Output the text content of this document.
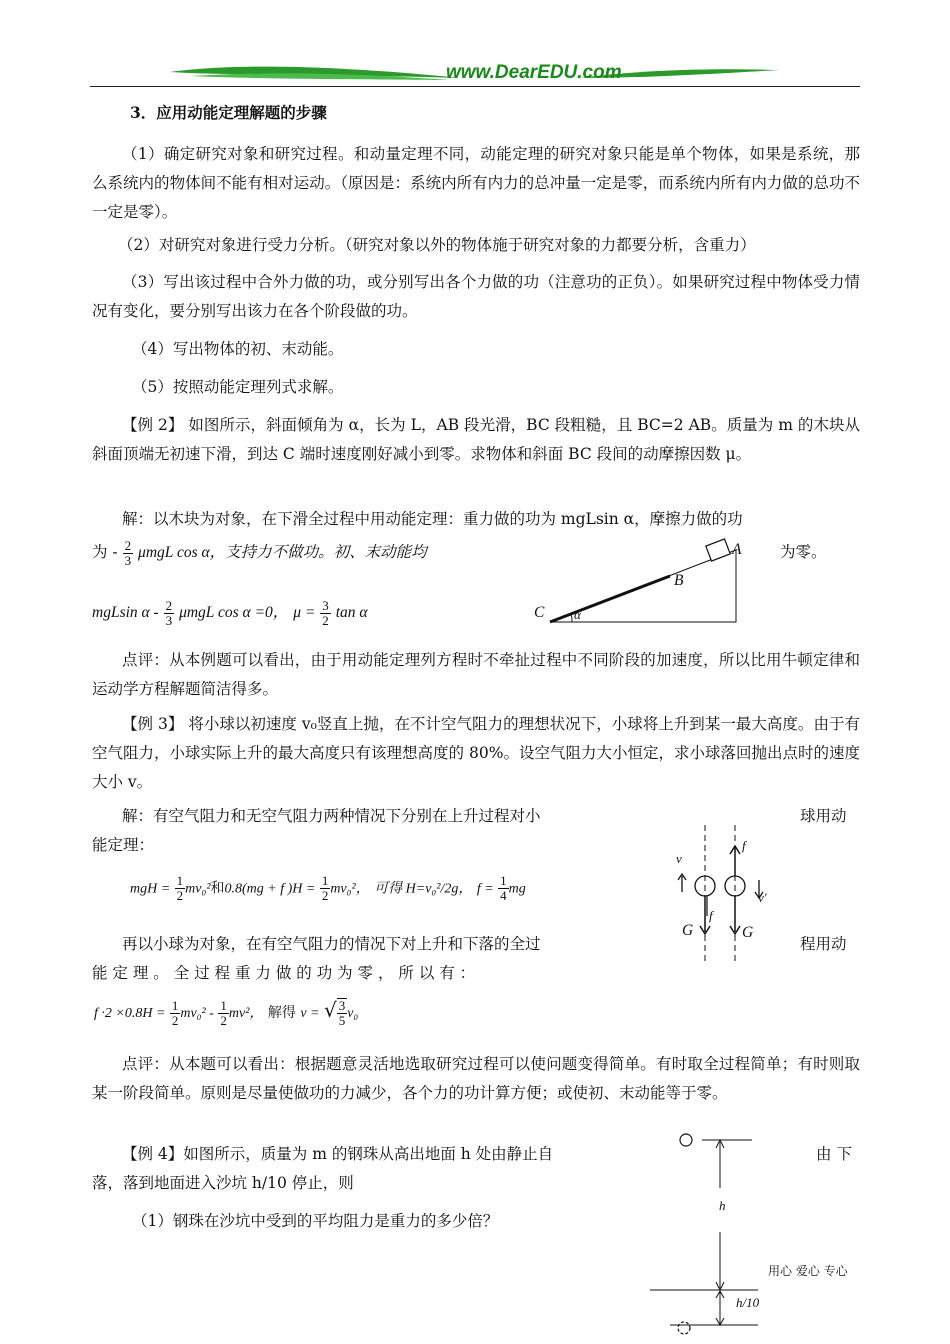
www.DearEDU.com
3．应用动能定理解题的步骤
（1）确定研究对象和研究过程。和动量定理不同，动能定理的研究对象只能是单个物体，如果是系统，那么系统内的物体间不能有相对运动。（原因是：系统内所有内力的总冲量一定是零，而系统内所有内力做的总功不一定是零）。
（2）对研究对象进行受力分析。（研究对象以外的物体施于研究对象的力都要分析，含重力）
（3）写出该过程中合外力做的功，或分别写出各个力做的功（注意功的正负）。如果研究过程中物体受力情况有变化，要分别写出该力在各个阶段做的功。
（4）写出物体的初、末动能。
（5）按照动能定理列式求解。
【例 2】 如图所示，斜面倾角为 α，长为 L，AB 段光滑，BC 段粗糙，且 BC=2 AB。质量为 m 的木块从斜面顶端无初速下滑，到达 C 端时速度刚好减小到零。求物体和斜面 BC 段间的动摩擦因数 μ。
解：以木块为对象，在下滑全过程中用动能定理：重力做的功为 mgLsin α，摩擦力做的功
为 - $\frac{2}{3}$ μmgL cos α，支持力不做功。初、末动能均	为零。
mgLsin α - $\frac{2}{3}$ μmgL cos α =0， $\mu = \frac{3}{2}$ tan α
A
B
C α
点评：从本例题可以看出，由于用动能定理列方程时不牵扯过程中不同阶段的加速度，所以比用牛顿定律和运动学方程解题简洁得多。
【例 3】 将小球以初速度 v₀竖直上抛，在不计空气阻力的理想状况下，小球将上升到某一最大高度。由于有空气阻力，小球实际上升的最大高度只有该理想高度的 80%。设空气阻力大小恒定，求小球落回抛出点时的速度大小 v。
解：有空气阻力和无空气阻力两种情况下分别在上升过程对小	球用动
能定理：
mgH = $\frac{1}{2} mv_0^2$和0.8(mg + f )$H = \frac{1}{2} mv_0^2$， 可得 H=v₀²/2g， $f = \frac{1}{4}$ mg
再以小球为对象，在有空气阻力的情况下对上升和下落的全过	程用动
能 定 理 。 全 过 程 重 力 做 的 功 为 零 ， 所 以 有 ：
$f \cdot 2 \times 0.8H = \frac{1}{2} mv_0^2 - \frac{1}{2} mv^2$， 解得 v = √ $\frac{3}{5} v_0$
v
f
v′
G
f
G
点评：从本题可以看出：根据题意灵活地选取研究过程可以使问题变得简单。有时取全过程简单；有时则取某一阶段简单。原则是尽量使做功的力减少，各个力的功计算方便；或使初、末动能等于零。
【例 4】如图所示，质量为 m 的钢珠从高出地面 h 处由静止自	由 下
落，落到地面进入沙坑 h/10 停止，则
（1）钢珠在沙坑中受到的平均阻力是重力的多少倍？
h
h/10
用心 爱心 专心
